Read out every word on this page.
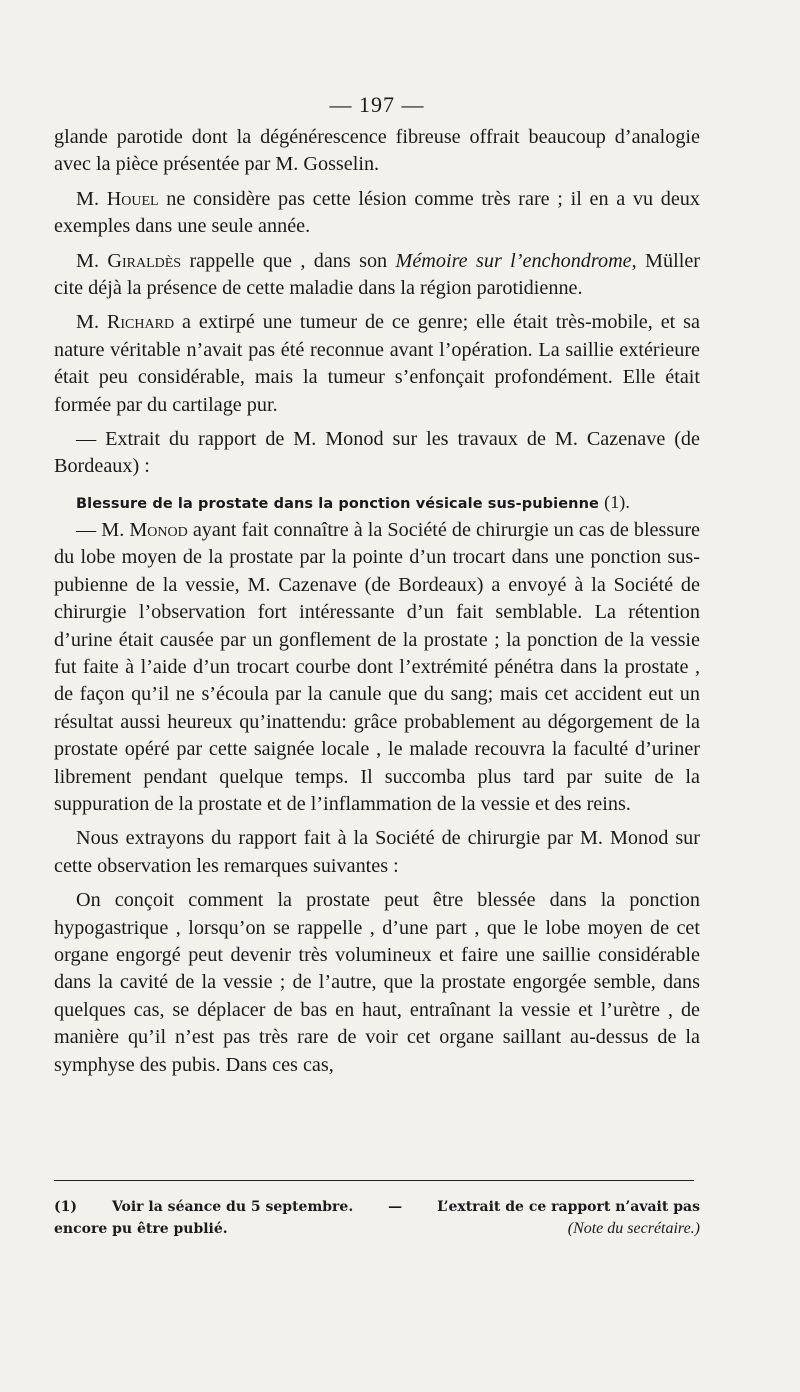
— 197 —

glande parotide dont la dégénérescence fibreuse offrait beaucoup d’analogie avec la pièce présentée par M. Gosselin.

M. Houel ne considère pas cette lésion comme très rare ; il en a vu deux exemples dans une seule année.

M. Giraldès rappelle que , dans son Mémoire sur l’enchondrome, Müller cite déjà la présence de cette maladie dans la région parotidienne.

M. Richard a extirpé une tumeur de ce genre; elle était très-mobile, et sa nature véritable n’avait pas été reconnue avant l’opération. La saillie extérieure était peu considérable, mais la tumeur s’enfonçait profondément. Elle était formée par du cartilage pur.

— Extrait du rapport de M. Monod sur les travaux de M. Cazenave (de Bordeaux) :

Blessure de la prostate dans la ponction vésicale sus-pubienne (1).

— M. Monod ayant fait connaître à la Société de chirurgie un cas de blessure du lobe moyen de la prostate par la pointe d’un trocart dans une ponction sus-pubienne de la vessie, M. Cazenave (de Bordeaux) a envoyé à la Société de chirurgie l’observation fort intéressante d’un fait semblable. La rétention d’urine était causée par un gonflement de la prostate ; la ponction de la vessie fut faite à l’aide d’un trocart courbe dont l’extrémité pénétra dans la prostate , de façon qu’il ne s’écoula par la canule que du sang; mais cet accident eut un résultat aussi heureux qu’inattendu: grâce probablement au dégorgement de la prostate opéré par cette saignée locale , le malade recouvra la faculté d’uriner librement pendant quelque temps. Il succomba plus tard par suite de la suppuration de la prostate et de l’inflammation de la vessie et des reins.

Nous extrayons du rapport fait à la Société de chirurgie par M. Monod sur cette observation les remarques suivantes :

On conçoit comment la prostate peut être blessée dans la ponction hypogastrique , lorsqu’on se rappelle , d’une part , que le lobe moyen de cet organe engorgé peut devenir très volumineux et faire une saillie considérable dans la cavité de la vessie ; de l’autre, que la prostate engorgée semble, dans quelques cas, se déplacer de bas en haut, entraînant la vessie et l’urètre , de manière qu’il n’est pas très rare de voir cet organe saillant au-dessus de la symphyse des pubis. Dans ces cas,

(1) Voir la séance du 5 septembre. — L’extrait de ce rapport n’avait pas
encore pu être publié.	(Note du secrétaire.)
